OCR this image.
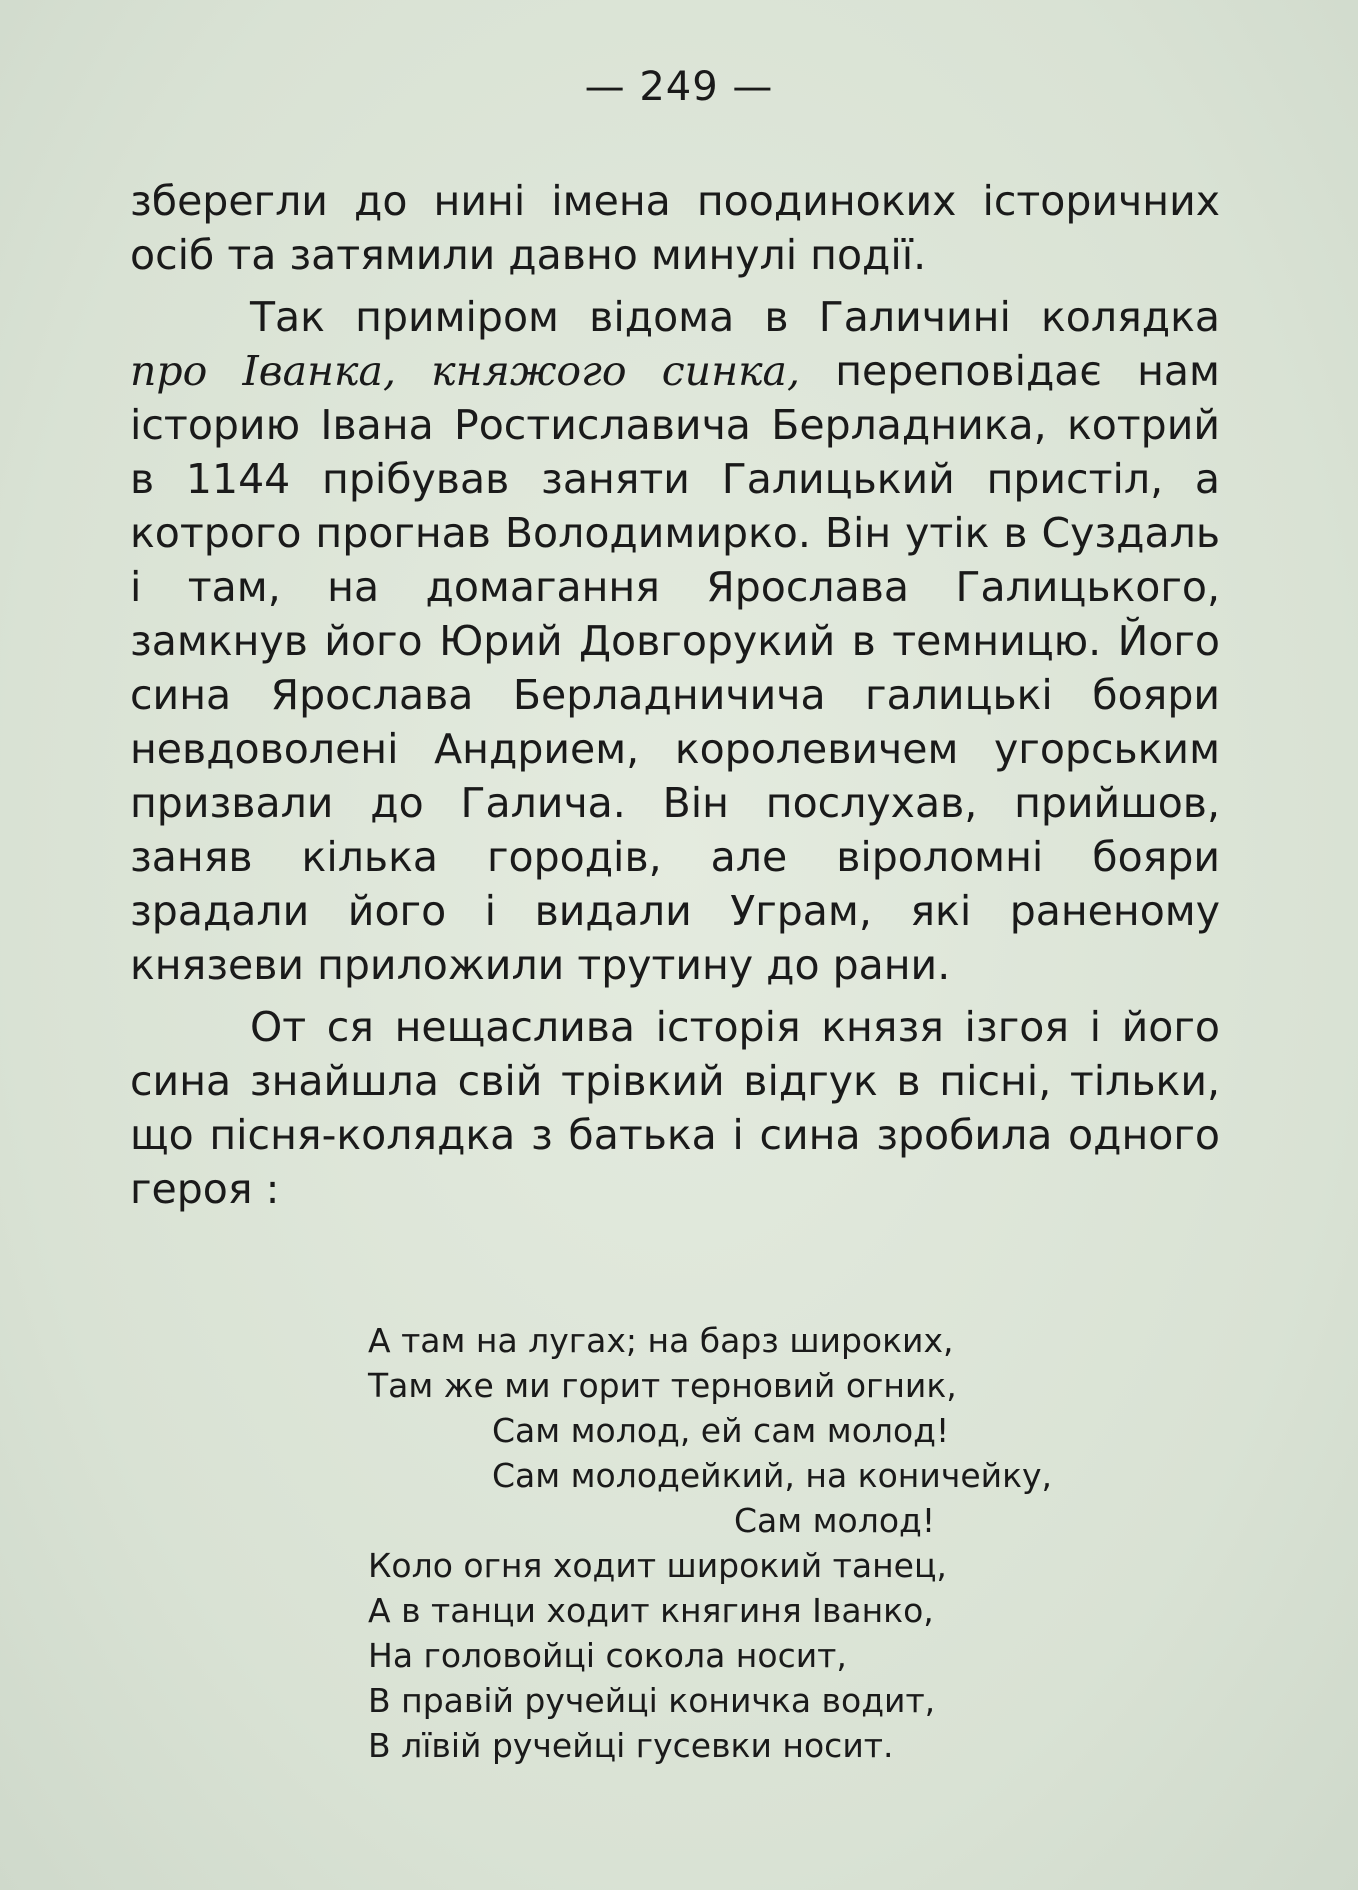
— 249 —

зберегли до нині імена поодиноких історичних осіб та затямили давно минулі події.

Так приміром відома в Галичині колядка про Іванка, княжого синка, переповідає нам історию Івана Ростиславича Берладника, котрий в 1144 прібував заняти Галицький пристіл, а котрого прогнав Володимирко. Він утік в Суздаль і там, на домагання Ярослава Галицького, замкнув його Юрий Довгорукий в темницю. Його сина Ярослава Берладничича галицькі бояри невдоволені Андрием, королевичем угорським призвали до Галича. Він послухав, прийшов, заняв кілька городів, але віроломні бояри зрадали його і видали Уграм, які раненому князеви приложили трутину до рани.

От ся нещаслива історія князя ізгоя і його сина знайшла свій трівкий відгук в пісні, тільки, що пісня-колядка з батька і сина зробила одного героя :

А там на лугах; на барз широких,
Там же ми горит терновий огник,
Сам молод, ей сам молод!
Сам молодейкий, на коничейку,
Сам молод!
Коло огня ходит широкий танец,
А в танци ходит княгиня Іванко,
На головойці сокола носит,
В правій ручейці коничка водит,
В лївій ручейці гусевки носит.
